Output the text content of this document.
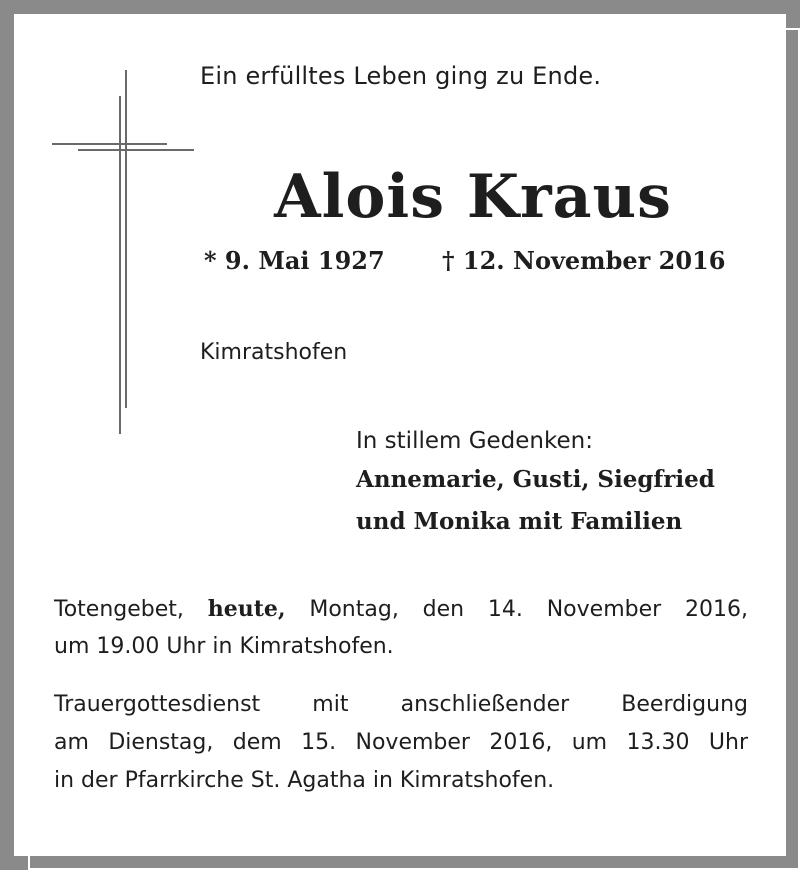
Ein erfülltes Leben ging zu Ende.
Alois Kraus
* 9. Mai 1927 † 12. November 2016
Kimratshofen
In stillem Gedenken:
Annemarie, Gusti, Siegfried
und Monika mit Familien
Totengebet, heute, Montag, den 14. November 2016,
um 19.00 Uhr in Kimratshofen.
Trauergottesdienst mit anschließender Beerdigung
am Dienstag, dem 15. November 2016, um 13.30 Uhr
in der Pfarrkirche St. Agatha in Kimratshofen.
